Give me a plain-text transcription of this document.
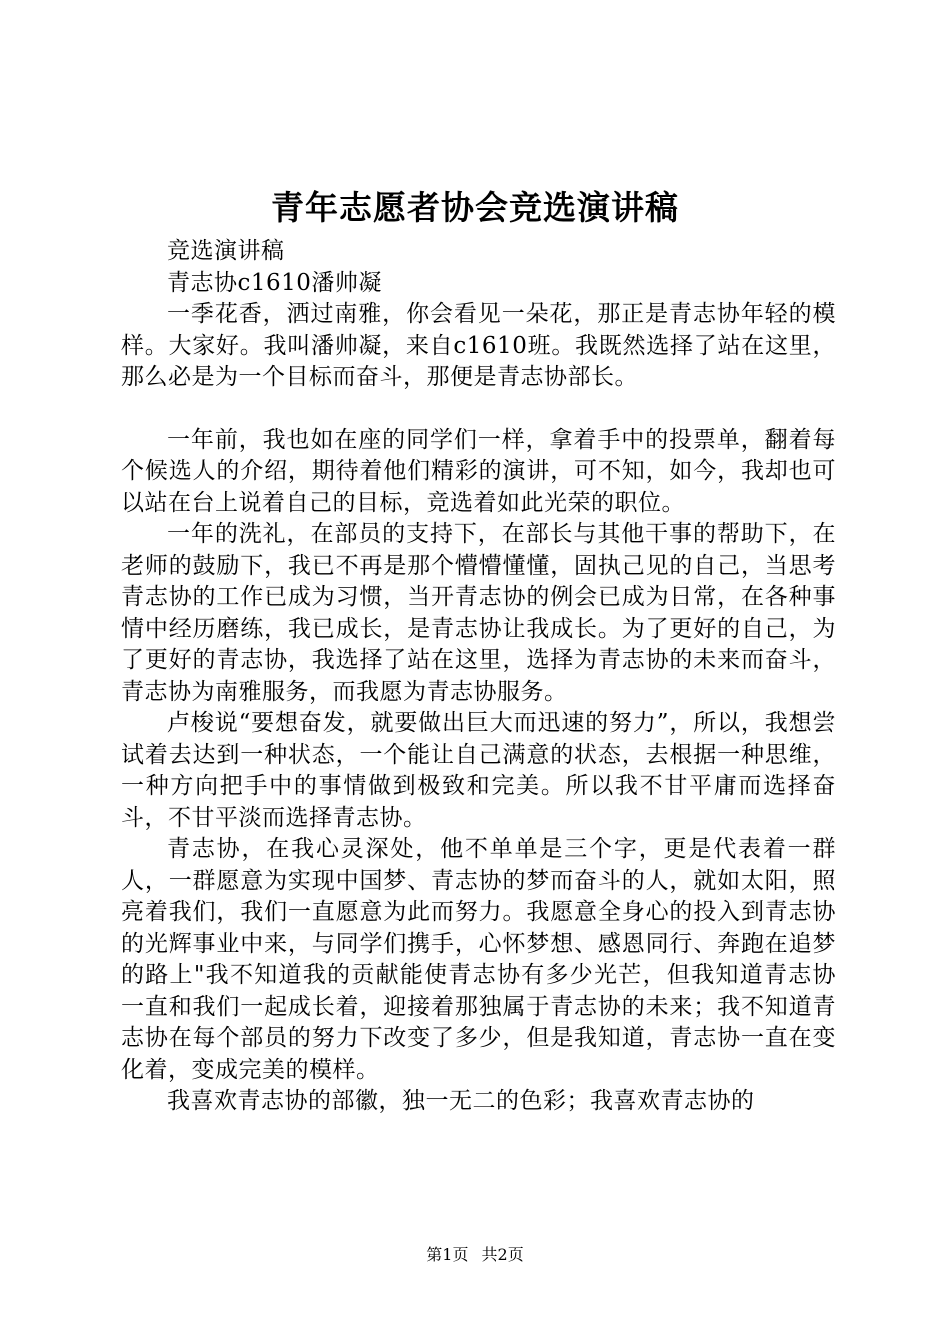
青年志愿者协会竞选演讲稿

竞选演讲稿

青志协c1610潘帅凝

一季花香，洒过南雅，你会看见一朵花，那正是青志协年轻的模样。大家好。我叫潘帅凝，来自c1610班。我既然选择了站在这里，那么必是为一个目标而奋斗，那便是青志协部长。

一年前，我也如在座的同学们一样，拿着手中的投票单，翻着每个候选人的介绍，期待着他们精彩的演讲，可不知，如今，我却也可以站在台上说着自己的目标，竞选着如此光荣的职位。

一年的洗礼，在部员的支持下，在部长与其他干事的帮助下，在老师的鼓励下，我已不再是那个懵懵懂懂，固执己见的自己，当思考青志协的工作已成为习惯，当开青志协的例会已成为日常，在各种事情中经历磨练，我已成长，是青志协让我成长。为了更好的自己，为了更好的青志协，我选择了站在这里，选择为青志协的未来而奋斗，青志协为南雅服务，而我愿为青志协服务。

卢梭说“要想奋发，就要做出巨大而迅速的努力”，所以，我想尝试着去达到一种状态，一个能让自己满意的状态，去根据一种思维，一种方向把手中的事情做到极致和完美。所以我不甘平庸而选择奋斗，不甘平淡而选择青志协。

青志协，在我心灵深处，他不单单是三个字，更是代表着一群人，一群愿意为实现中国梦、青志协的梦而奋斗的人，就如太阳，照亮着我们，我们一直愿意为此而努力。我愿意全身心的投入到青志协的光辉事业中来，与同学们携手，心怀梦想、感恩同行、奔跑在追梦的路上"我不知道我的贡献能使青志协有多少光芒，但我知道青志协一直和我们一起成长着，迎接着那独属于青志协的未来；我不知道青志协在每个部员的努力下改变了多少，但是我知道，青志协一直在变化着，变成完美的模样。

我喜欢青志协的部徽，独一无二的色彩；我喜欢青志协的

第1页 共2页
